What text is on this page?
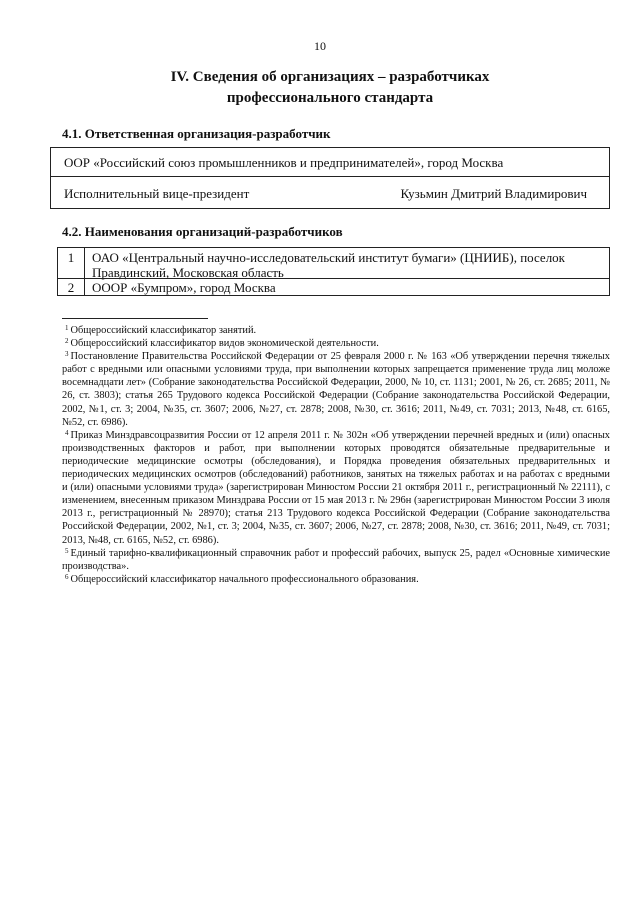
10
IV. Сведения об организациях – разработчиках
профессионального стандарта
4.1. Ответственная организация-разработчик
ООР «Российский союз промышленников и предпринимателей», город Москва
Исполнительный вице-президент	Кузьмин Дмитрий Владимирович
4.2. Наименования организаций-разработчиков
1	ОАО «Центральный научно-исследовательский институт бумаги» (ЦНИИБ), поселок Правдинский, Московская область
2	ОООР «Бумпром», город Москва

$^1$ Общероссийский классификатор занятий.

$^2$ Общероссийский классификатор видов экономической деятельности.

$^3$ Постановление Правительства Российской Федерации от 25 февраля 2000 г. № 163 «Об утверждении перечня тяжелых работ с вредными или опасными условиями труда, при выполнении которых запрещается применение труда лиц моложе восемнадцати лет» (Собрание законодательства Российской Федерации, 2000, № 10, ст. 1131; 2001, № 26, ст. 2685; 2011, № 26, ст. 3803); статья 265 Трудового кодекса Российской Федерации (Собрание законодательства Российской Федерации, 2002, №1, ст. 3; 2004, №35, ст. 3607; 2006, №27, ст. 2878; 2008, №30, ст. 3616; 2011, №49, ст. 7031; 2013, №48, ст. 6165, №52, ст. 6986).

$^4$ Приказ Минздравсоцразвития России от 12 апреля 2011 г. № 302н «Об утверждении перечней вредных и (или) опасных производственных факторов и работ, при выполнении которых проводятся обязательные предварительные и периодические медицинские осмотры (обследования), и Порядка проведения обязательных предварительных и периодических медицинских осмотров (обследований) работников, занятых на тяжелых работах и на работах с вредными и (или) опасными условиями труда» (зарегистрирован Минюстом России 21 октября 2011 г., регистрационный № 22111), с изменением, внесенным приказом Минздрава России от 15 мая 2013 г. № 296н (зарегистрирован Минюстом России 3 июля 2013 г., регистрационный № 28970); статья 213 Трудового кодекса Российской Федерации (Собрание законодательства Российской Федерации, 2002, №1, ст. 3; 2004, №35, ст. 3607; 2006, №27, ст. 2878; 2008, №30, ст. 3616; 2011, №49, ст. 7031; 2013, №48, ст. 6165, №52, ст. 6986).

$^5$ Единый тарифно-квалификационный справочник работ и профессий рабочих, выпуск 25, радел «Основные химические производства».

$^6$ Общероссийский классификатор начального профессионального образования.
